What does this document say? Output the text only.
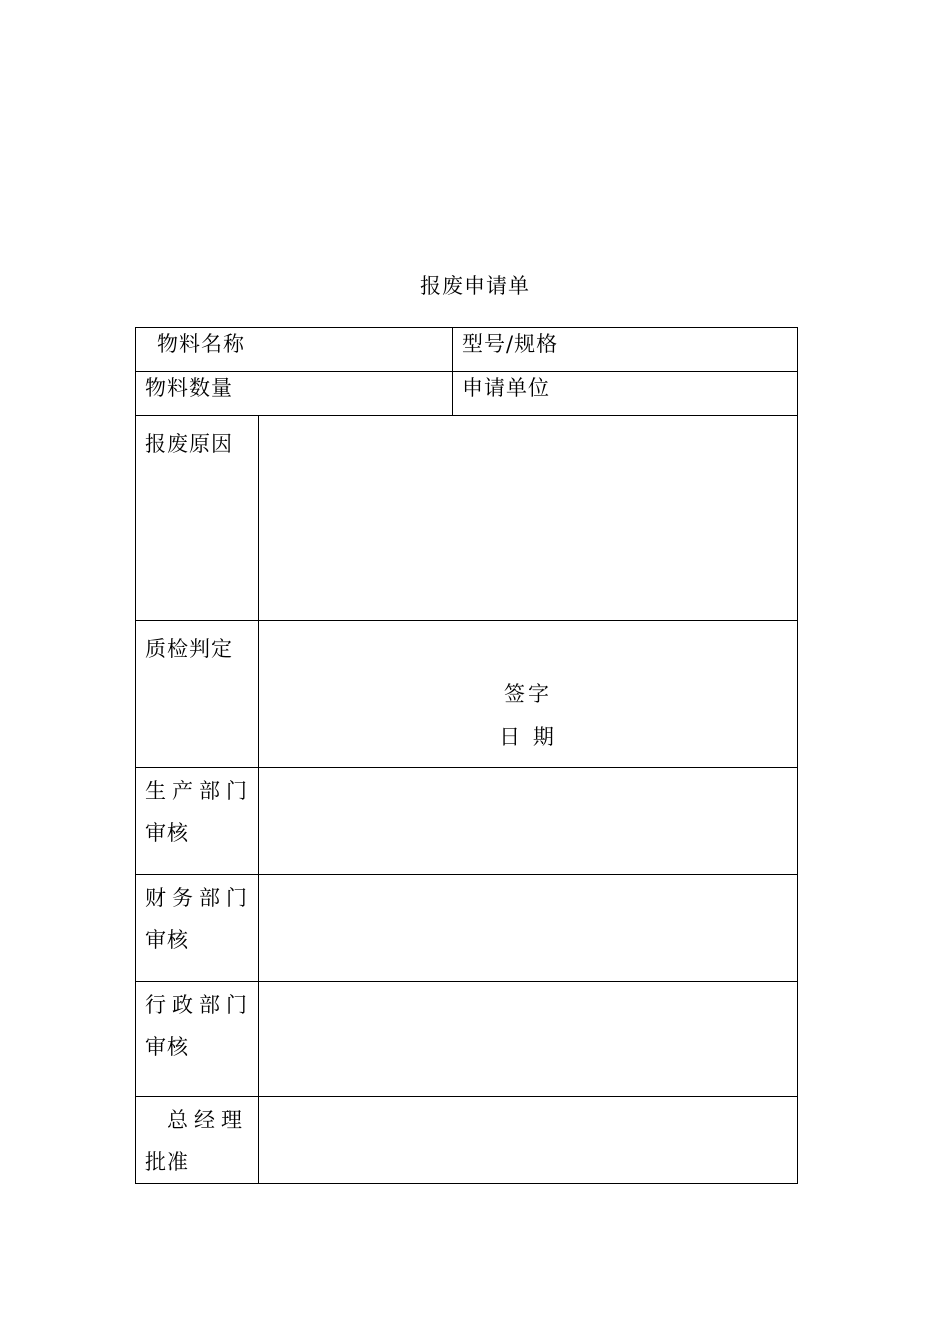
报废申请单
物料名称		型号/规格
物料数量		申请单位

报废原因		

质检判定	签字
日 期	

生产部门
审核		

财务部门
审核		

行政部门
审核		

总经理
批准		
